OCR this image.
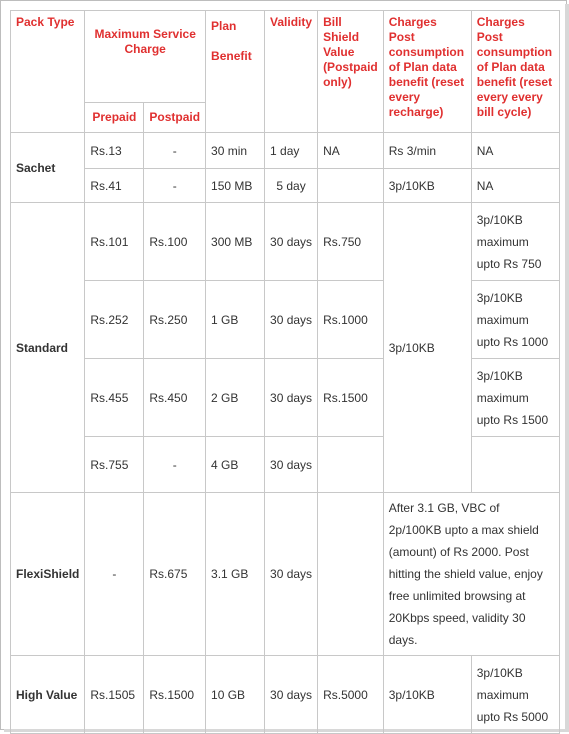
Pack Type	Maximum Service Charge		Plan Benefit	Validity	Bill Shield Value (Postpaid only)	Charges Post consumption of Plan data benefit (reset every recharge)	Charges Post consumption of Plan data benefit (reset every every bill cycle)
	Prepaid	Postpaid					
Sachet	Rs.13	-	30 min	1 day	NA	Rs 3/min	NA
	Rs.41	-	150 MB	5 day		3p/10KB	NA
Standard	Rs.101	Rs.100	300 MB	30 days	Rs.750	3p/10KB	3p/10KB maximum upto Rs 750
	Rs.252	Rs.250	1 GB	30 days	Rs.1000		3p/10KB maximum upto Rs 1000
	Rs.455	Rs.450	2 GB	30 days	Rs.1500		3p/10KB maximum upto Rs 1500
	Rs.755	-	4 GB	30 days			
FlexiShield	-	Rs.675	3.1 GB	30 days		After 3.1 GB, VBC of 2p/100KB upto a max shield (amount) of Rs 2000. Post hitting the shield value, enjoy free unlimited browsing at 20Kbps speed, validity 30 days.	
High Value	Rs.1505	Rs.1500	10 GB	30 days	Rs.5000	3p/10KB	3p/10KB maximum upto Rs 5000
